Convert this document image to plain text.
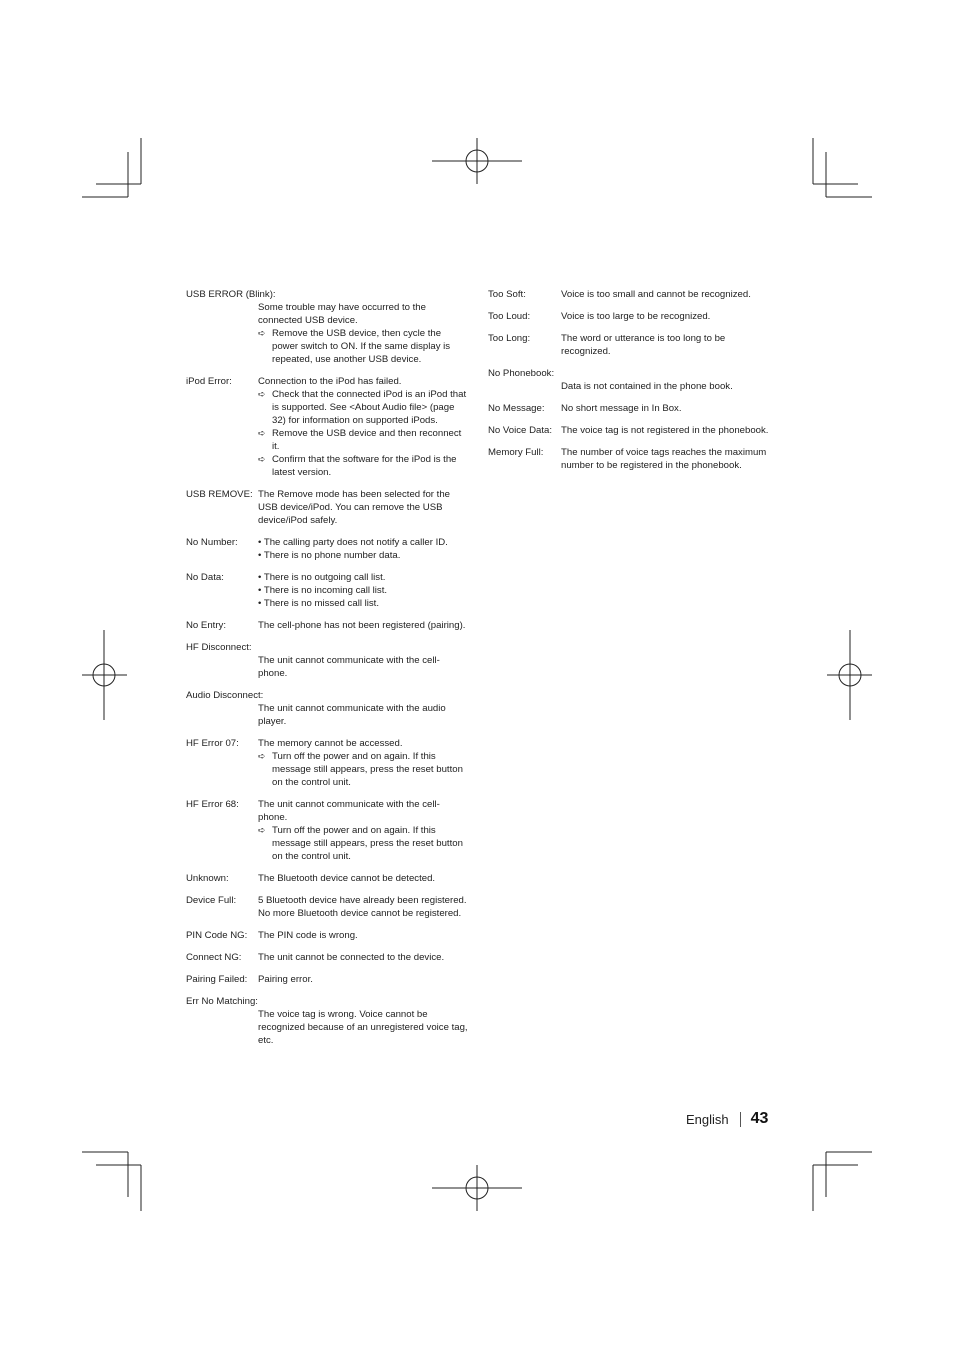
USB ERROR (Blink):
Some trouble may have occurred to the connected USB device.
➪ Remove the USB device, then cycle the power switch to ON. If the same display is repeated, use another USB device.
iPod Error:	Connection to the iPod has failed.
➪ Check that the connected iPod is an iPod that is supported. See <About Audio file> (page 32) for information on supported iPods.
➪ Remove the USB device and then reconnect it.
➪ Confirm that the software for the iPod is the latest version.
USB REMOVE: The Remove mode has been selected for the USB device/iPod. You can remove the USB device/iPod safely.
No Number:	• The calling party does not notify a caller ID.
• There is no phone number data.
No Data:	• There is no outgoing call list.
• There is no incoming call list.
• There is no missed call list.
No Entry:	The cell-phone has not been registered (pairing).
HF Disconnect:
The unit cannot communicate with the cell-phone.
Audio Disconnect:
The unit cannot communicate with the audio player.
HF Error 07:	The memory cannot be accessed.
➪ Turn off the power and on again. If this message still appears, press the reset button on the control unit.
HF Error 68:	The unit cannot communicate with the cell-phone.
➪ Turn off the power and on again. If this message still appears, press the reset button on the control unit.
Unknown:	The Bluetooth device cannot be detected.
Device Full:	5 Bluetooth device have already been registered. No more Bluetooth device cannot be registered.
PIN Code NG:	The PIN code is wrong.
Connect NG:	The unit cannot be connected to the device.
Pairing Failed:	Pairing error.
Err No Matching:
The voice tag is wrong. Voice cannot be recognized because of an unregistered voice tag, etc.
Too Soft:	Voice is too small and cannot be recognized.
Too Loud:	Voice is too large to be recognized.
Too Long:	The word or utterance is too long to be recognized.
No Phonebook:
Data is not contained in the phone book.
No Message:	No short message in In Box.
No Voice Data: The voice tag is not registered in the phonebook.
Memory Full:	The number of voice tags reaches the maximum number to be registered in the phonebook.
English 43
